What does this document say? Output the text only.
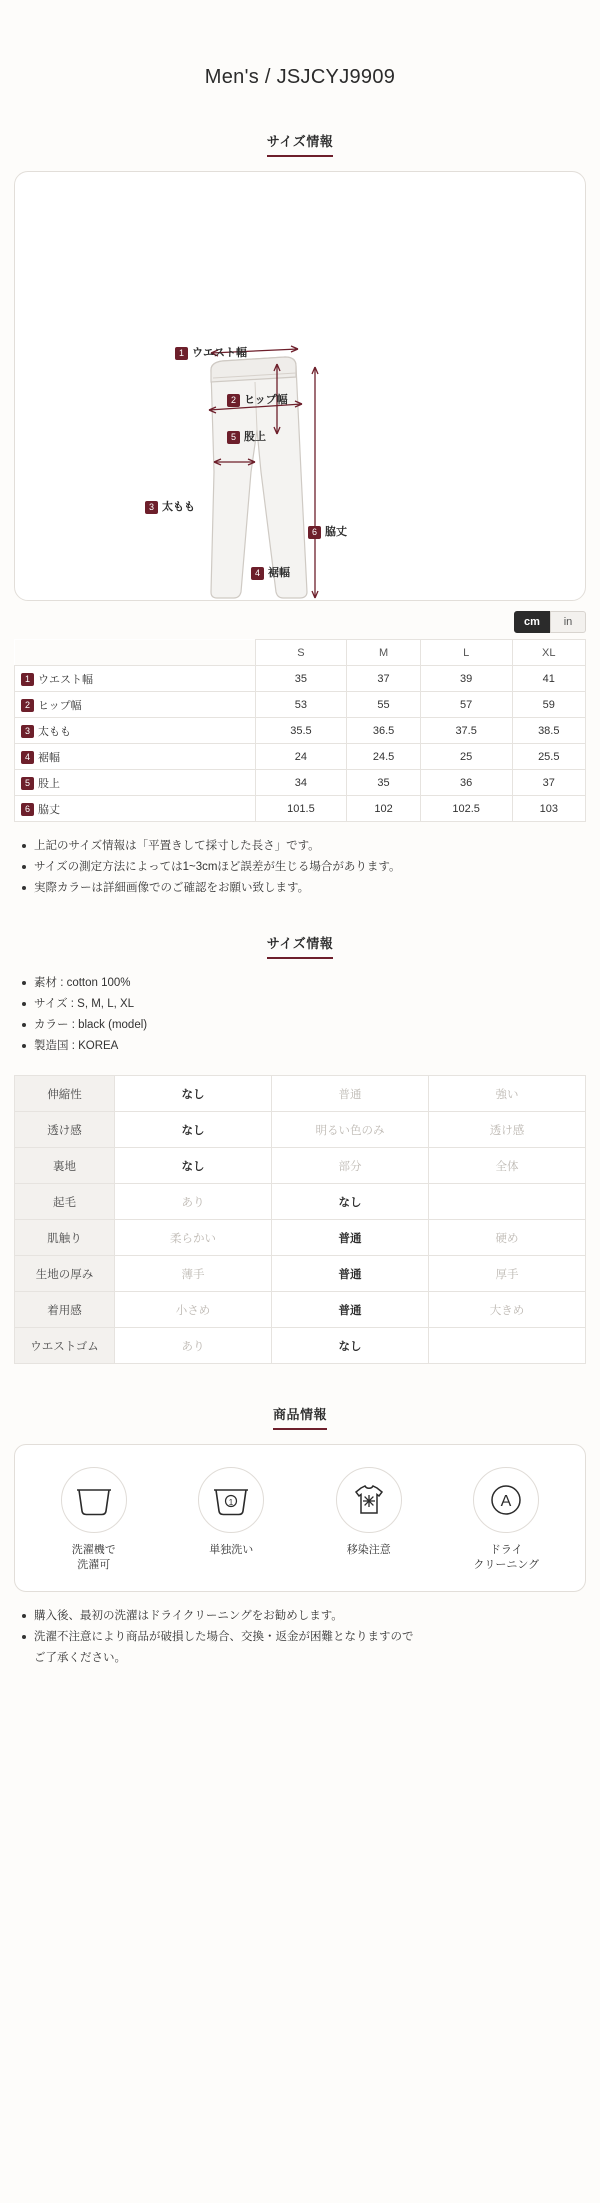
Men's / JSJCYJ9909
サイズ情報
1 ウエスト幅
2 ヒップ幅
5 股上
3 太もも
6 脇丈
4 裾幅
cm	in
	S	M	L	XL
1 ウエスト幅	35	37	39	41
2 ヒップ幅	53	55	57	59
3 太もも	35.5	36.5	37.5	38.5
4 裾幅	24	24.5	25	25.5
5 股上	34	35	36	37
6 脇丈	101.5	102	102.5	103
上記のサイズ情報は「平置きして採寸した長さ」です。
サイズの測定方法によっては1~3cmほど誤差が生じる場合があります。
実際カラーは詳細画像でのご確認をお願い致します。
サイズ情報
素材 : cotton 100%
サイズ : S, M, L, XL
カラー : black (model)
製造国 : KOREA
伸縮性	なし	普通	強い
透け感	なし	明るい色のみ	透け感
裏地	なし	部分	全体
起毛	あり	なし	
肌触り	柔らかい	普通	硬め
生地の厚み	薄手	普通	厚手
着用感	小さめ	普通	大きめ
ウエストゴム	あり	なし	
商品情報
洗濯機で
洗濯可
1
単独洗い	移染注意
A
ドライ
クリーニング
購入後、最初の洗濯はドライクリーニングをお勧めします。
洗濯不注意により商品が破損した場合、交換・返金が困難となりますので
ご了承ください。
